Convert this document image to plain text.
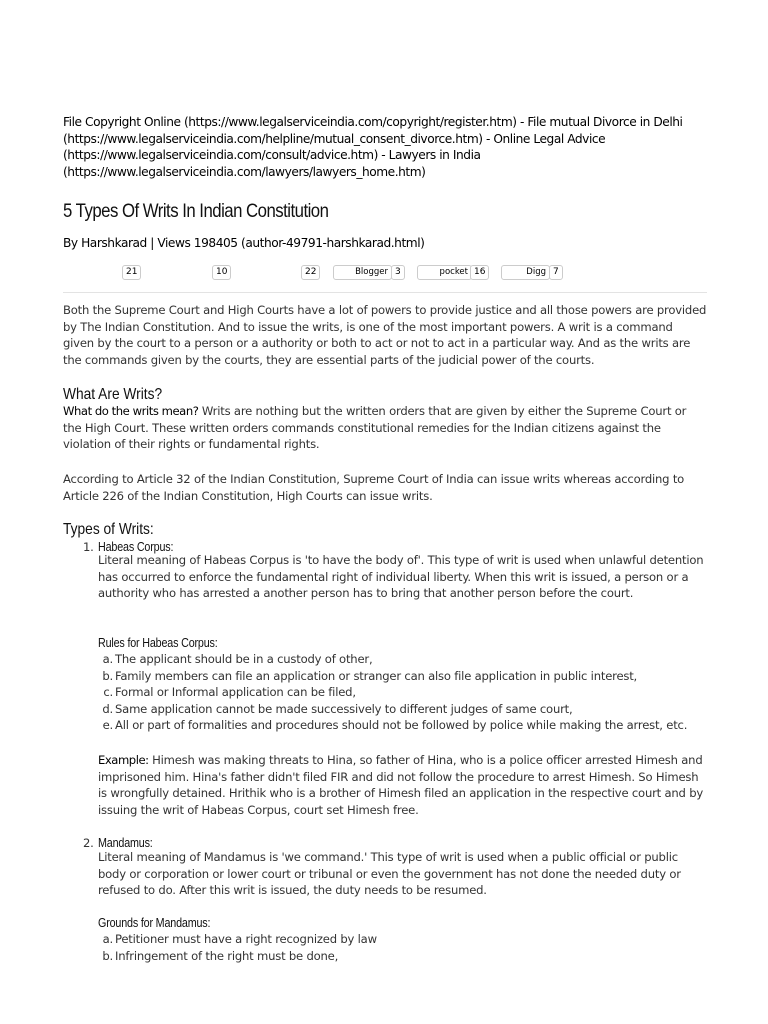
File Copyright Online (https://www.legalserviceindia.com/copyright/register.htm) - File mutual Divorce in Delhi (https://www.legalserviceindia.com/helpline/mutual_consent_divorce.htm) - Online Legal Advice (https://www.legalserviceindia.com/consult/advice.htm) - Lawyers in India (https://www.legalserviceindia.com/lawyers/lawyers_home.htm)
5 Types Of Writs In Indian Constitution
By Harshkarad | Views 198405 (author-49791-harshkarad.html)
21	10	22	Blogger 3	pocket 16	Digg 7

Both the Supreme Court and High Courts have a lot of powers to provide justice and all those powers are provided by The Indian Constitution. And to issue the writs, is one of the most important powers. A writ is a command given by the court to a person or a authority or both to act or not to act in a particular way. And as the writs are the commands given by the courts, they are essential parts of the judicial power of the courts.

What Are Writs?

What do the writs mean? Writs are nothing but the written orders that are given by either the Supreme Court or the High Court. These written orders commands constitutional remedies for the Indian citizens against the violation of their rights or fundamental rights.

According to Article 32 of the Indian Constitution, Supreme Court of India can issue writs whereas according to Article 226 of the Indian Constitution, High Courts can issue writs.

Types of Writs:
1. Habeas Corpus:
Literal meaning of Habeas Corpus is 'to have the body of'. This type of writ is used when unlawful detention has occurred to enforce the fundamental right of individual liberty. When this writ is issued, a person or a authority who has arrested a another person has to bring that another person before the court.
Rules for Habeas Corpus:
a. The applicant should be in a custody of other,
b. Family members can file an application or stranger can also file application in public interest,
c. Formal or Informal application can be filed,
d. Same application cannot be made successively to different judges of same court,
e. All or part of formalities and procedures should not be followed by police while making the arrest, etc.
Example: Himesh was making threats to Hina, so father of Hina, who is a police officer arrested Himesh and imprisoned him. Hina's father didn't filed FIR and did not follow the procedure to arrest Himesh. So Himesh is wrongfully detained. Hrithik who is a brother of Himesh filed an application in the respective court and by issuing the writ of Habeas Corpus, court set Himesh free.
2. Mandamus:
Literal meaning of Mandamus is 'we command.' This type of writ is used when a public official or public body or corporation or lower court or tribunal or even the government has not done the needed duty or refused to do. After this writ is issued, the duty needs to be resumed.
Grounds for Mandamus:
a. Petitioner must have a right recognized by law
b. Infringement of the right must be done,
